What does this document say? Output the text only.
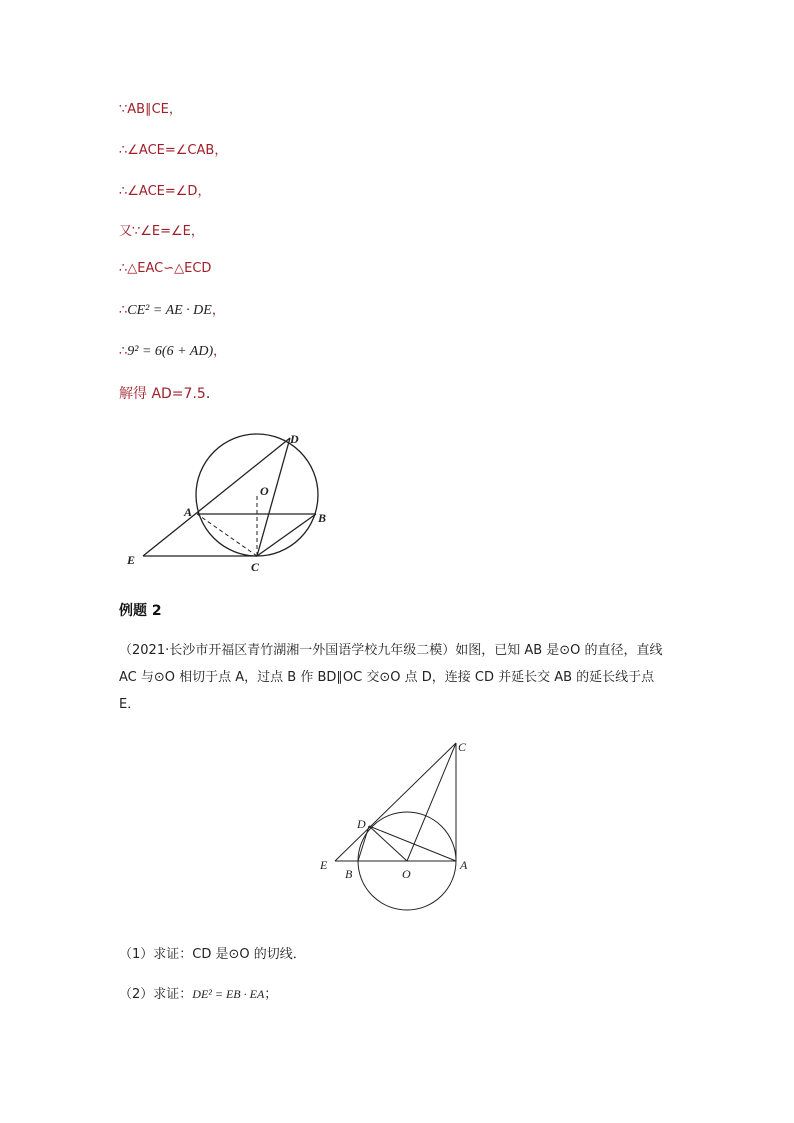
∵AB∥CE，
∴∠ACE=∠CAB，
∴∠ACE=∠D，
又∵∠E=∠E，
∴△EAC∽△ECD
∴CE² = AE · DE，
∴9² = 6(6 + AD)，
解得 AD=7.5.
D
O
A	B
E	C
例题 2
（2021·长沙市开福区青竹湖湘一外国语学校九年级二模）如图，已知 AB 是⊙O 的直径，直线 AC 与⊙O 相切于点 A，过点 B 作 BD∥OC 交⊙O 点 D，连接 CD 并延长交 AB 的延长线于点 E．
C
D
E
B	O
A
（1）求证：CD 是⊙O 的切线．
（2）求证：DE² = EB · EA；
